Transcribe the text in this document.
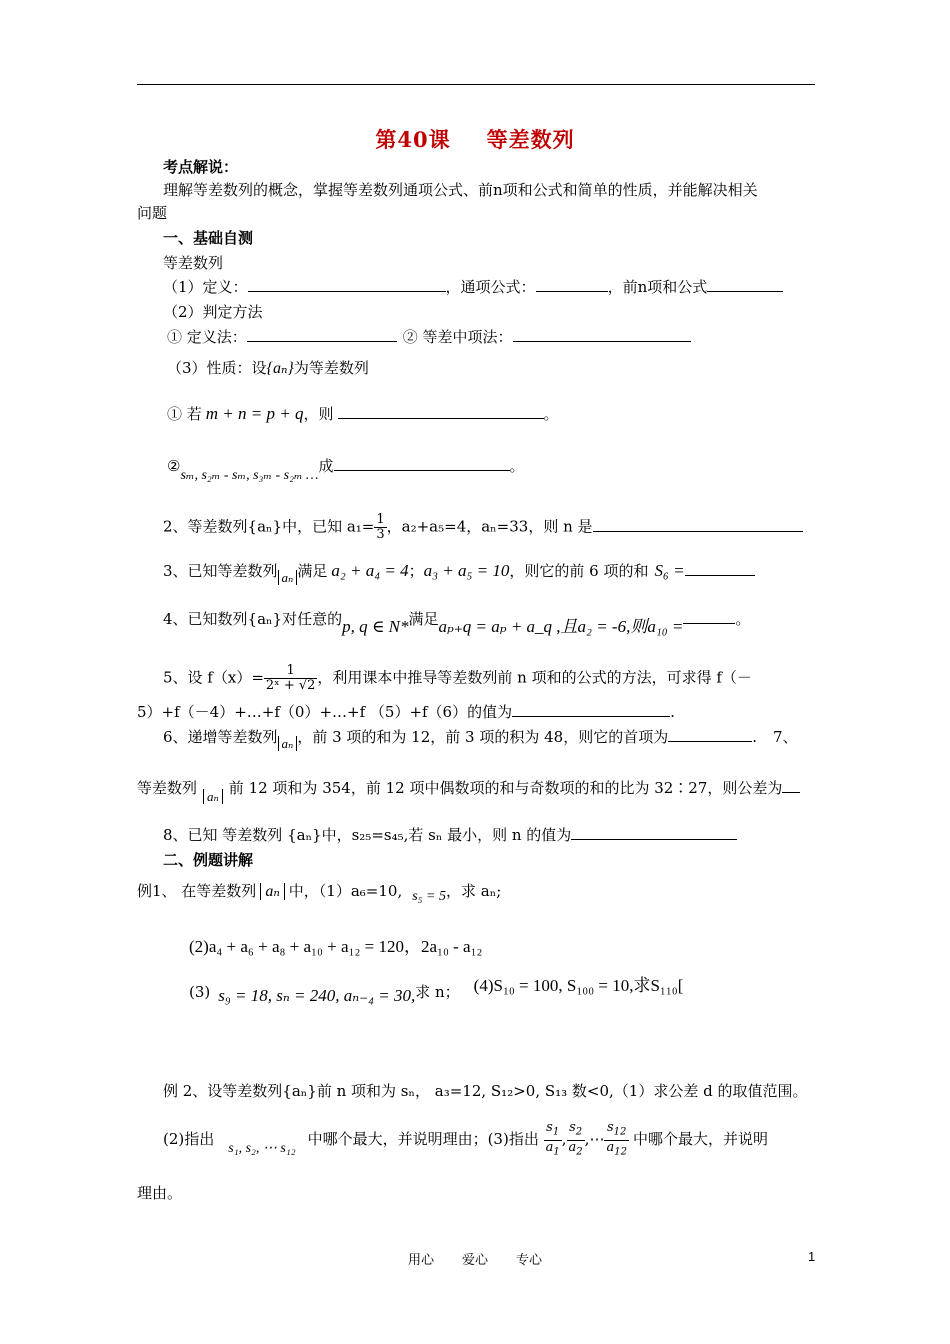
第40课 等差数列
考点解说：
理解等差数列的概念，掌握等差数列通项公式、前n项和公式和简单的性质，并能解决相关
问题
一、基础自测
等差数列
（1）定义：	，通项公式：	，前n项和公式
（2）判定方法
① 定义法：	② 等差中项法：
（3）性质：设{aₙ}为等差数列
① 若 m + n = p + q，则	。
②sₘ, s₂ₘ - sₘ, s₃ₘ - s₂ₘ …成	。
2、等差数列{aₙ}中，已知 $a_1= \frac{1}{3}$ ，a₂+a₅=4，aₙ=33，则 n 是
3、已知等差数列 aₙ 满足 a₂ + a₄ = 4；a₃ + a₅ = 10，则它的前 6 项的和 S₆ =
4、已知数列{aₙ}对任意的p, q ∈ N*满足aₚ₊q = aₚ + a_q ,且a₂ = -6,则a₁₀ =	。
5、设 $f(x)= \frac{1}{\text{2ˣ + √2}}$ ，利用课本中推导等差数列前 n 项和的公式的方法，可求得 f（－
5）+f（－4）+…+f（0）+…+f （5）+f（6）的值为	.
6、递增等差数列 aₙ ，前 3 项的和为 12，前 3 项的积为 48，则它的首项为	. 7、
等差数列 aₙ 前 12 项和为 354，前 12 项中偶数项的和与奇数项的和的比为 32∶27，则公差为
8、已知 等差数列 {aₙ}中，s₂₅=s₄₅,若 sₙ 最小，则 n 的值为
二、例题讲解
例1、 在等差数列 aₙ 中，（1）a₆=10, s₅ = 5，求 aₙ;
(2)a₄ + a₆ + a₈ + a₁₀ + a₁₂ = 120，2a₁₀ - a₁₂
(3) s₉ = 18, sₙ = 240, aₙ₋₄ = 30,求 n； (4)S₁₀ = 100, S₁₀₀ = 10,求S₁₁₀[
例 2、设等差数列{aₙ}前 n 项和为 sₙ， a₃=12, S₁₂>0, S₁₃ 数<0,（1）求公差 d 的取值范围。
(2)指出s₁, s₂, ⋯ s₁₂中哪个最大，并说明理由；(3)指出 $\frac{s_1}{a_1}$ , $\frac{s_2}{a_2}$ ,⋯ $\frac{s_{12}}{a_{12}}$ 中哪个最大，并说明
理由。
用心 爱心 专心	1
